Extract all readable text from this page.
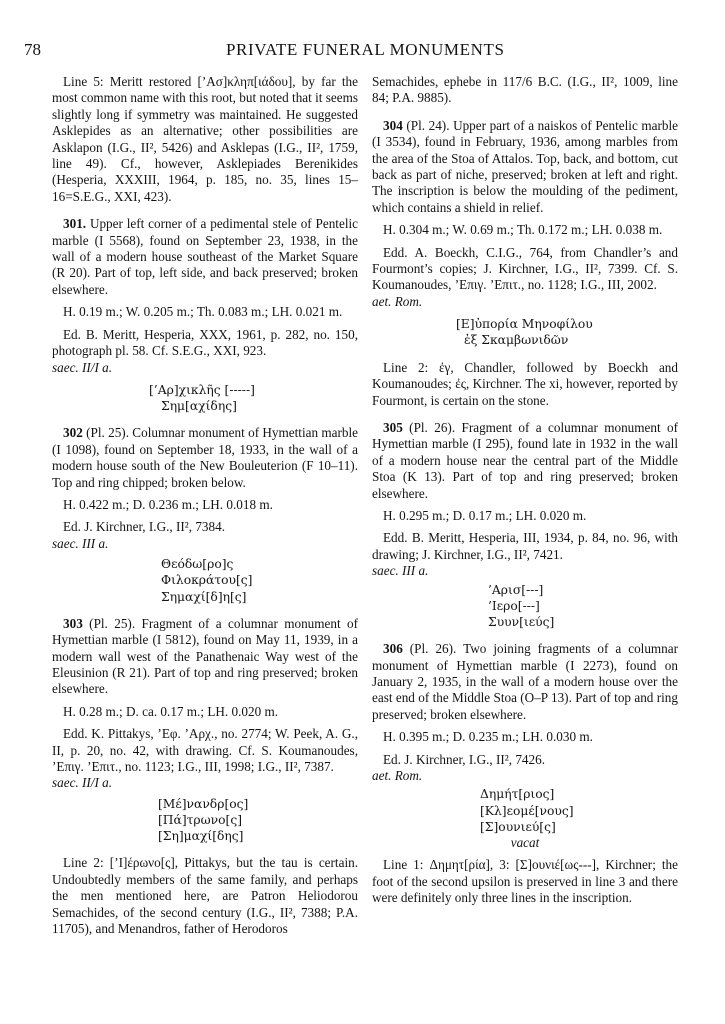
78	PRIVATE FUNERAL MONUMENTS

Line 5: Meritt restored [’Ασ]κληπ[ιάδου], by far the most common name with this root, but noted that it seems slightly long if symmetry was maintained. He suggested Asklepides as an alternative; other possibilities are Asklapon (I.G., II², 5426) and Asklepas (I.G., II², 1759, line 49). Cf., however, Asklepiades Berenikides (Hesperia, XXXIII, 1964, p. 185, no. 35, lines 15–16=S.E.G., XXI, 423).

301. Upper left corner of a pedimental stele of Pentelic marble (I 5568), found on September 23, 1938, in the wall of a modern house southeast of the Market Square (R 20). Part of top, left side, and back preserved; broken elsewhere.

H. 0.19 m.; W. 0.205 m.; Th. 0.083 m.; LH. 0.021 m.

Ed. B. Meritt, Hesperia, XXX, 1961, p. 282, no. 150, photograph pl. 58. Cf. S.E.G., XXI, 923.

saec. II/I a.

[’Αρ]χικλῆς [-----]
Σημ[αχίδης]

302 (Pl. 25). Columnar monument of Hymettian marble (I 1098), found on September 18, 1933, in the wall of a modern house south of the New Bouleuterion (F 10–11). Top and ring chipped; broken below.

H. 0.422 m.; D. 0.236 m.; LH. 0.018 m.

Ed. J. Kirchner, I.G., II², 7384.

saec. III a.

Θεόδω[ρο]ς
Φιλοκράτου[ς]
Σημαχί[δ]η[ς]

303 (Pl. 25). Fragment of a columnar monument of Hymettian marble (I 5812), found on May 11, 1939, in a modern wall west of the Panathenaic Way west of the Eleusinion (R 21). Part of top and ring preserved; broken elsewhere.

H. 0.28 m.; D. ca. 0.17 m.; LH. 0.020 m.

Edd. K. Pittakys, ’Εφ. ’Αρχ., no. 2774; W. Peek, A. G., II, p. 20, no. 42, with drawing. Cf. S. Koumanoudes, ’Επιγ. ’Επιτ., no. 1123; I.G., III, 1998; I.G., II², 7387.

saec. II/I a.

[Μέ]νανδρ[ος]
[Πά]τρωνο[ς]
[Ση]μαχί[δης]

Line 2: [’Ι]έρωνο[ς], Pittakys, but the tau is certain. Undoubtedly members of the same family, and perhaps the men mentioned here, are Patron Heliodorou Semachides, of the second century (I.G., II², 7388; P.A. 11705), and Menandros, father of Herodoros

Semachides, ephebe in 117/6 B.C. (I.G., II², 1009, line 84; P.A. 9885).

304 (Pl. 24). Upper part of a naiskos of Pentelic marble (I 3534), found in February, 1936, among marbles from the area of the Stoa of Attalos. Top, back, and bottom, cut back as part of niche, preserved; broken at left and right. The inscription is below the moulding of the pediment, which contains a shield in relief.

H. 0.304 m.; W. 0.69 m.; Th. 0.172 m.; LH. 0.038 m.

Edd. A. Boeckh, C.I.G., 764, from Chandler’s and Fourmont’s copies; J. Kirchner, I.G., II², 7399. Cf. S. Koumanoudes, ’Επιγ. ’Επιτ., no. 1128; I.G., III, 2002.

aet. Rom.

[Ε]ὐπορία Μηνοφίλου
ἐξ Σκαμβωνιδῶν

Line 2: ἐγ, Chandler, followed by Boeckh and Koumanoudes; ἐς, Kirchner. The xi, however, reported by Fourmont, is certain on the stone.

305 (Pl. 26). Fragment of a columnar monument of Hymettian marble (I 295), found late in 1932 in the wall of a modern house near the central part of the Middle Stoa (K 13). Part of top and ring preserved; broken elsewhere.

H. 0.295 m.; D. 0.17 m.; LH. 0.020 m.

Edd. B. Meritt, Hesperia, III, 1934, p. 84, no. 96, with drawing; J. Kirchner, I.G., II², 7421.

saec. III a.

’Αρισ[---]
’Ιερο[---]
Συυν[ιεύς]

306 (Pl. 26). Two joining fragments of a columnar monument of Hymettian marble (I 2273), found on January 2, 1935, in the wall of a modern house over the east end of the Middle Stoa (O–P 13). Part of top and ring preserved; broken elsewhere.

H. 0.395 m.; D. 0.235 m.; LH. 0.030 m.

Ed. J. Kirchner, I.G., II², 7426.

aet. Rom.

Δημήτ[ριος]
[Κλ]εομέ[νους]
[Σ]ουνιεύ[ς]

vacat

Line 1: Δημητ[ρία], 3: [Σ]ουνιέ[ως---], Kirchner; the foot of the second upsilon is preserved in line 3 and there were definitely only three lines in the inscription.
